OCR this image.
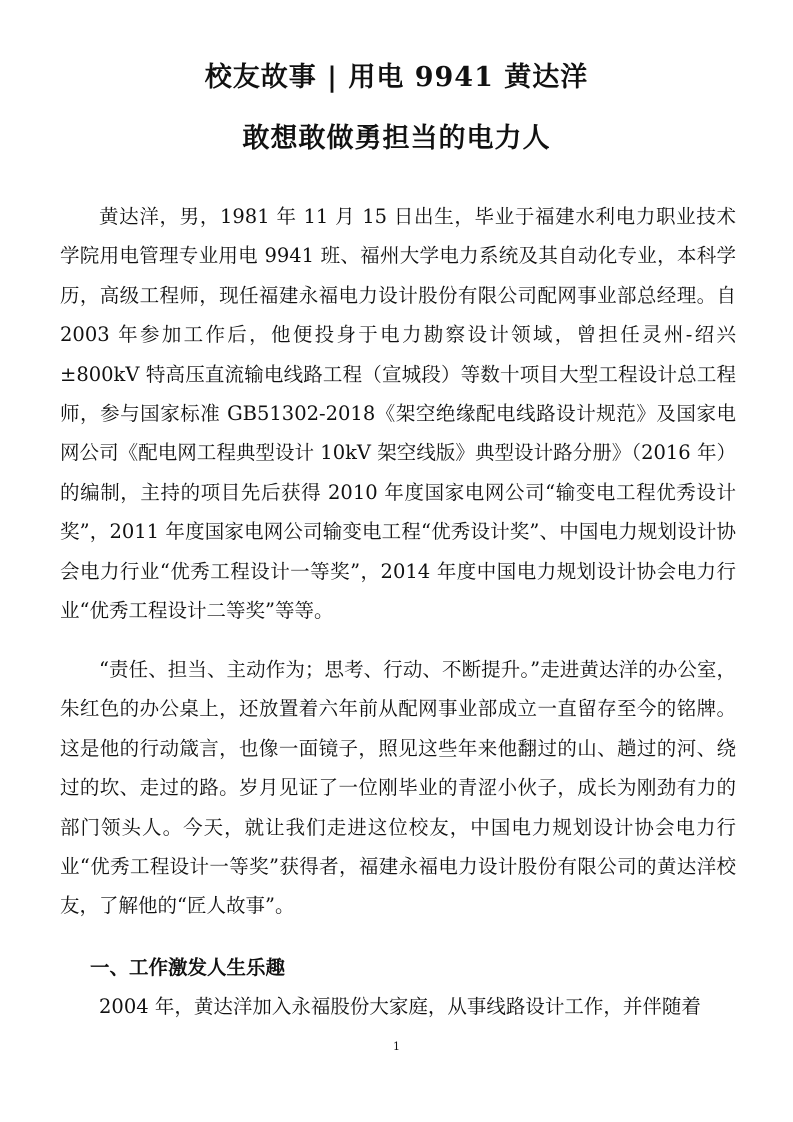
校友故事 | 用电 9941 黄达洋
敢想敢做勇担当的电力人

黄达洋，男，1981 年 11 月 15 日出生，毕业于福建水利电力职业技术学院用电管理专业用电 9941 班、福州大学电力系统及其自动化专业，本科学历，高级工程师，现任福建永福电力设计股份有限公司配网事业部总经理。自 2003 年参加工作后，他便投身于电力勘察设计领域，曾担任灵州-绍兴±800kV 特高压直流输电线路工程（宣城段）等数十项目大型工程设计总工程师，参与国家标准 GB51302-2018《架空绝缘配电线路设计规范》及国家电网公司《配电网工程典型设计 10kV 架空线版》典型设计路分册》（2016 年）的编制，主持的项目先后获得 2010 年度国家电网公司“输变电工程优秀设计奖”，2011 年度国家电网公司输变电工程“优秀设计奖”、中国电力规划设计协会电力行业“优秀工程设计一等奖”，2014 年度中国电力规划设计协会电力行业“优秀工程设计二等奖”等等。

“责任、担当、主动作为；思考、行动、不断提升。”走进黄达洋的办公室，朱红色的办公桌上，还放置着六年前从配网事业部成立一直留存至今的铭牌。这是他的行动箴言，也像一面镜子，照见这些年来他翻过的山、趟过的河、绕过的坎、走过的路。岁月见证了一位刚毕业的青涩小伙子，成长为刚劲有力的部门领头人。今天，就让我们走进这位校友，中国电力规划设计协会电力行业“优秀工程设计一等奖”获得者，福建永福电力设计股份有限公司的黄达洋校友，了解他的“匠人故事”。

一、工作激发人生乐趣

2004 年，黄达洋加入永福股份大家庭，从事线路设计工作，并伴随着

1
